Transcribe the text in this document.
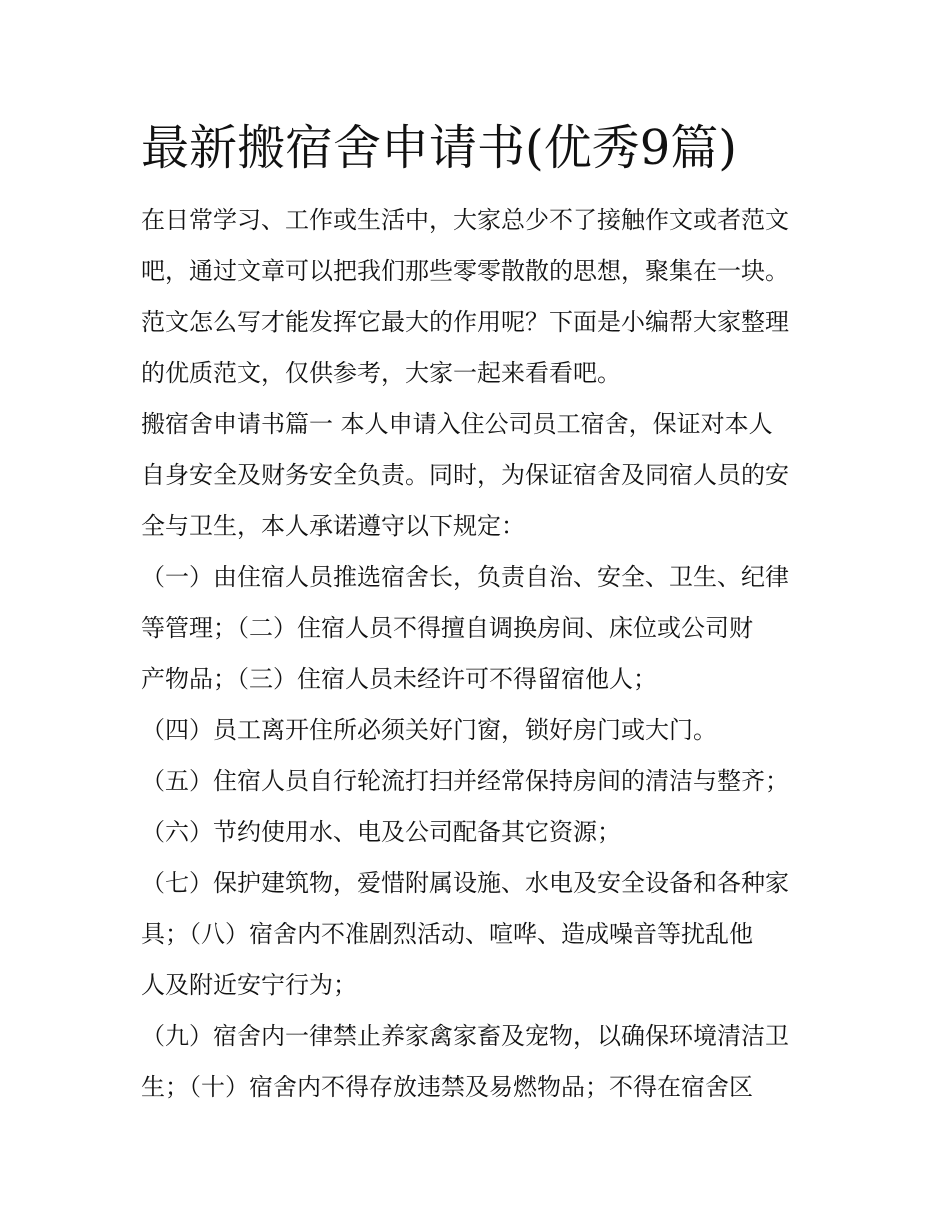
最新搬宿舍申请书(优秀9篇)

在日常学习、工作或生活中，大家总少不了接触作文或者范文

吧，通过文章可以把我们那些零零散散的思想，聚集在一块。

范文怎么写才能发挥它最大的作用呢？下面是小编帮大家整理

的优质范文，仅供参考，大家一起来看看吧。

搬宿舍申请书篇一 本人申请入住公司员工宿舍，保证对本人

自身安全及财务安全负责。同时，为保证宿舍及同宿人员的安

全与卫生，本人承诺遵守以下规定：

（一）由住宿人员推选宿舍长，负责自治、安全、卫生、纪律

等管理；（二）住宿人员不得擅自调换房间、床位或公司财

产物品；（三）住宿人员未经许可不得留宿他人；

（四）员工离开住所必须关好门窗，锁好房门或大门。

（五）住宿人员自行轮流打扫并经常保持房间的清洁与整齐；

（六）节约使用水、电及公司配备其它资源；

（七）保护建筑物，爱惜附属设施、水电及安全设备和各种家

具；（八）宿舍内不准剧烈活动、喧哗、造成噪音等扰乱他

人及附近安宁行为；

（九）宿舍内一律禁止养家禽家畜及宠物，以确保环境清洁卫

生；（十）宿舍内不得存放违禁及易燃物品；不得在宿舍区
